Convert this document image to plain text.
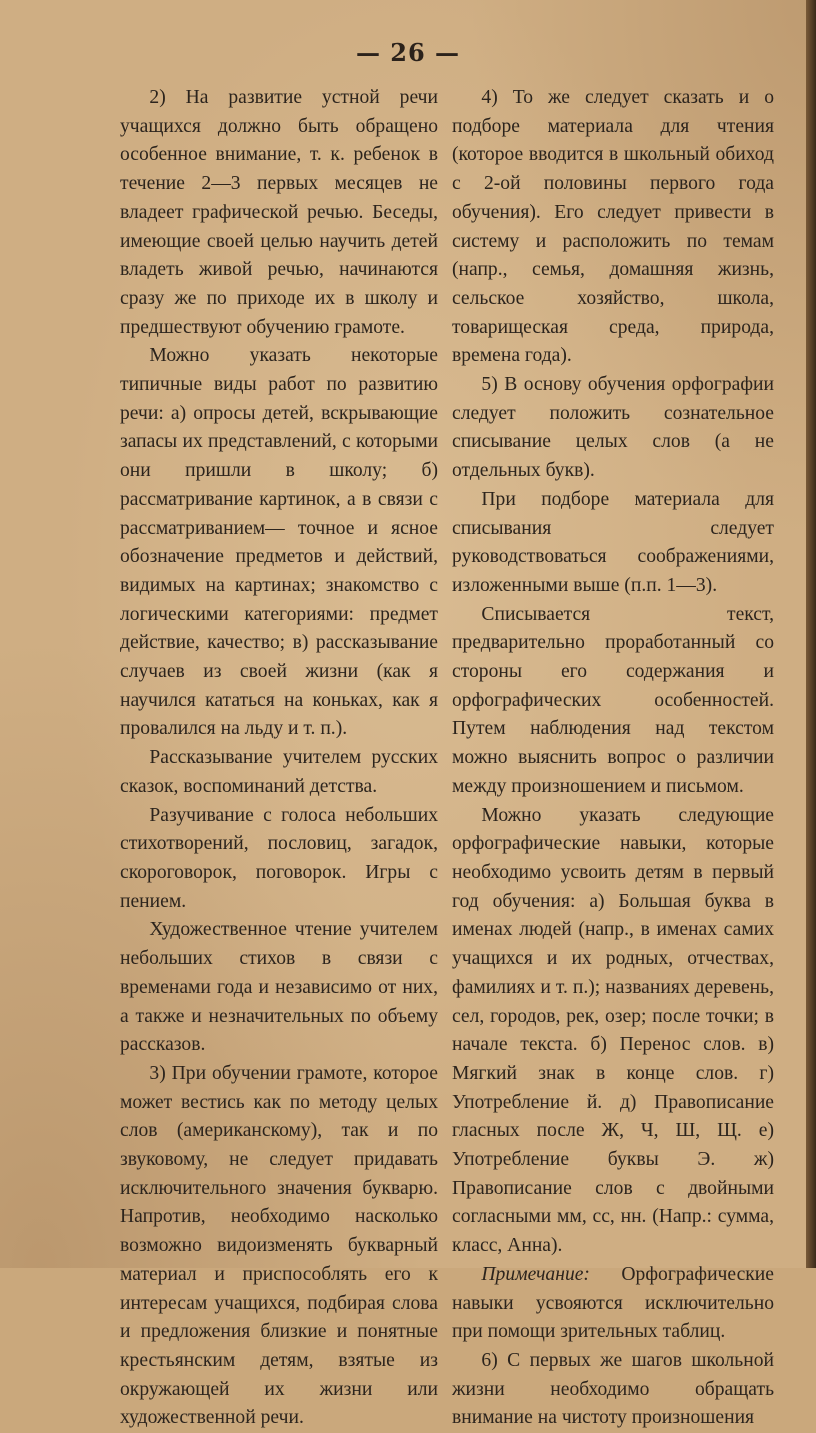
— 26 —

2) На развитие устной речи учащихся должно быть обращено особенное внимание, т. к. ребенок в течение 2—3 первых месяцев не владеет графической речью. Беседы, имеющие своей целью научить детей владеть живой речью, начинаются сразу же по приходе их в школу и предшествуют обучению грамоте.

Можно указать некоторые типичные виды работ по развитию речи: а) опросы детей, вскрывающие запасы их представлений, с которыми они пришли в школу; б) рассматривание картинок, а в связи с рассматриванием— точное и ясное обозначение предметов и действий, видимых на картинах; знакомство с логическими категориями: предмет действие, качество; в) рассказывание случаев из своей жизни (как я научился кататься на коньках, как я провалился на льду и т. п.).

Рассказывание учителем русских сказок, воспоминаний детства.

Разучивание с голоса небольших стихотворений, пословиц, загадок, скороговорок, поговорок. Игры с пением.

Художественное чтение учителем небольших стихов в связи с временами года и независимо от них, а также и незначительных по объему рассказов.

3) При обучении грамоте, которое может вестись как по методу целых слов (американскому), так и по звуковому, не следует придавать исключительного значения букварю. Напротив, необходимо насколько возможно видоизменять букварный материал и приспособлять его к интересам учащихся, подбирая слова и предложения близкие и понятные крестьянским детям, взятые из окружающей их жизни или художественной речи.

4) То же следует сказать и о подборе материала для чтения (которое вводится в школьный обиход с 2-ой половины первого года обучения). Его следует привести в систему и расположить по темам (напр., семья, домашняя жизнь, сельское хозяйство, школа, товарищеская среда, природа, времена года).

5) В основу обучения орфографии следует положить сознательное списывание целых слов (а не отдельных букв).

При подборе материала для списывания следует руководствоваться соображениями, изложенными выше (п.п. 1—3).

Списывается текст, предварительно проработанный со стороны его содержания и орфографических особенностей. Путем наблюдения над текстом можно выяснить вопрос о различии между произношением и письмом.

Можно указать следующие орфографические навыки, которые необходимо усвоить детям в первый год обучения: а) Большая буква в именах людей (напр., в именах самих учащихся и их родных, отчествах, фамилиях и т. п.); названиях деревень, сел, городов, рек, озер; после точки; в начале текста. б) Перенос слов. в) Мягкий знак в конце слов. г) Употребление й. д) Правописание гласных после Ж, Ч, Ш, Щ. е) Употребление буквы Э. ж) Правописание слов с двойными согласными мм, сс, нн. (Напр.: сумма, класс, Анна).

Примечание: Орфографические навыки усвояются исключительно при помощи зрительных таблиц.

6) С первых же шагов школьной жизни необходимо обращать внимание на чистоту произношения
